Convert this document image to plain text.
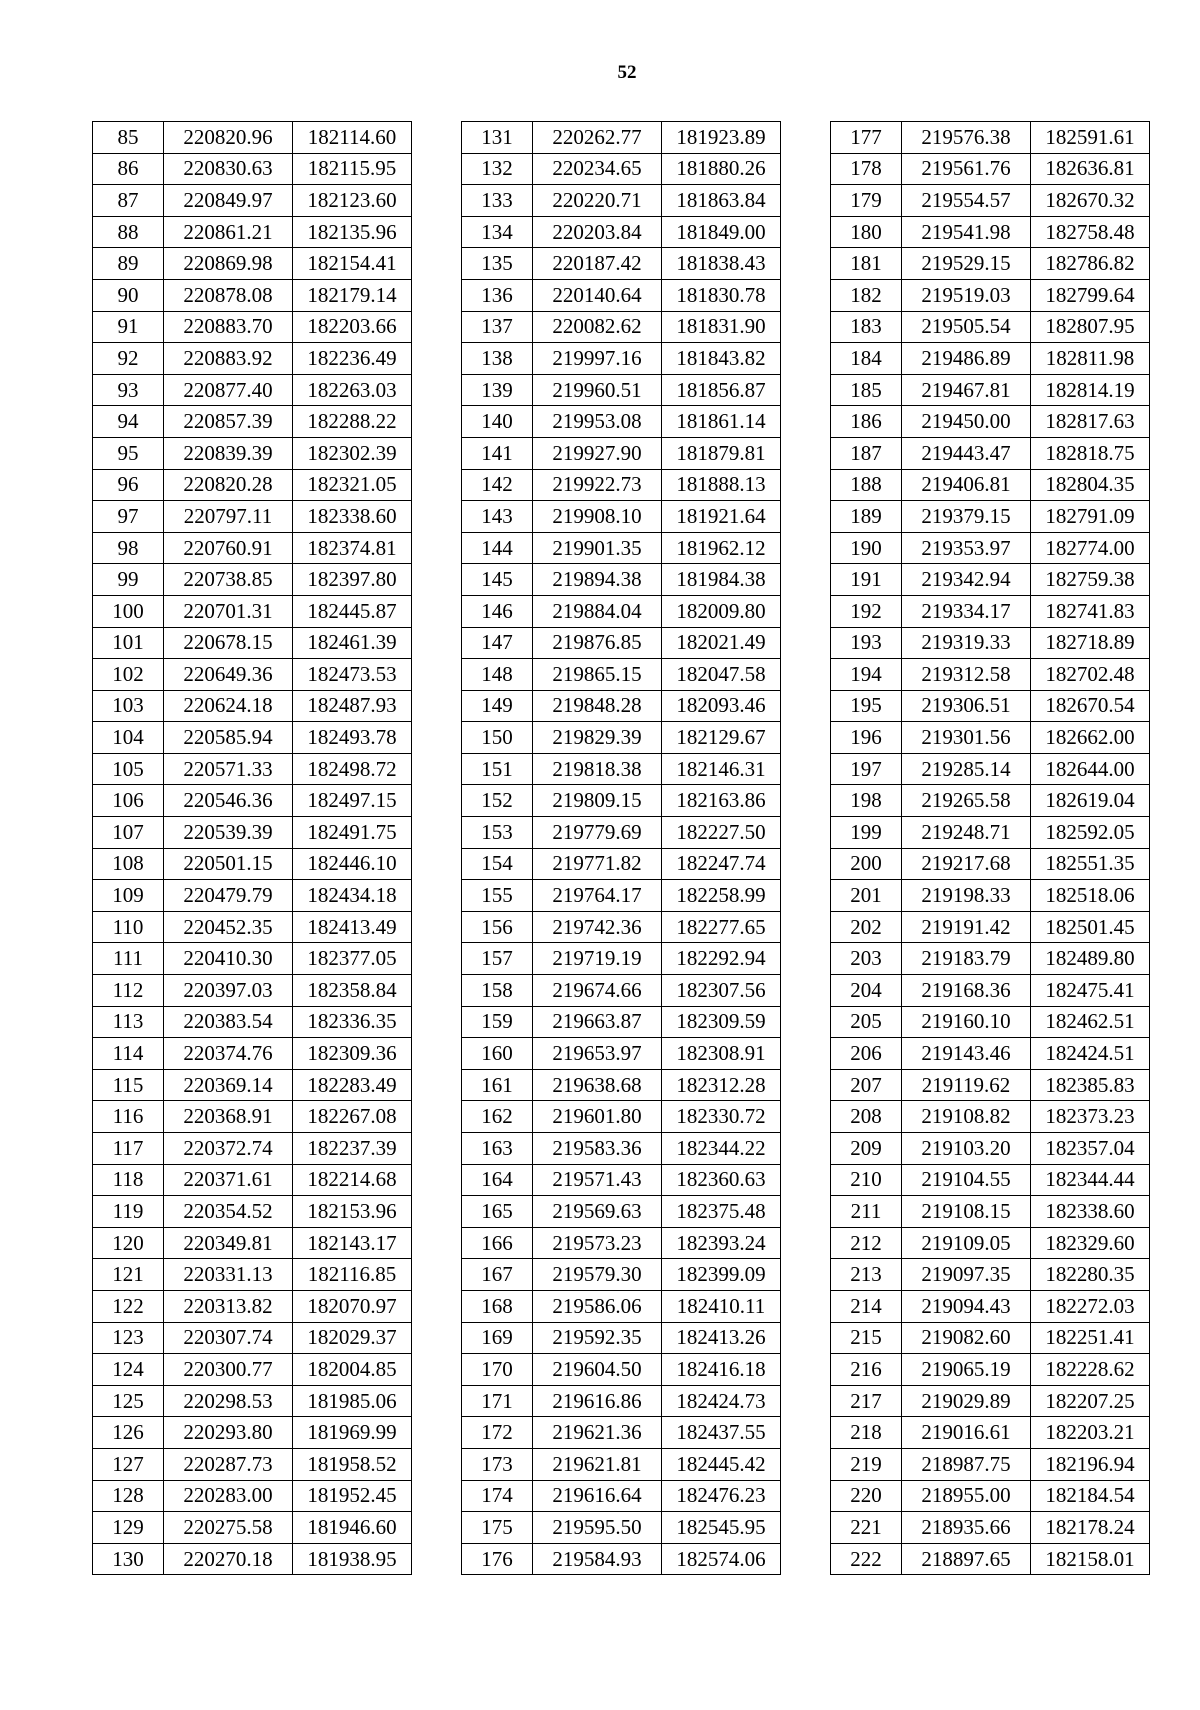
52
85	220820.96	182114.60
86	220830.63	182115.95
87	220849.97	182123.60
88	220861.21	182135.96
89	220869.98	182154.41
90	220878.08	182179.14
91	220883.70	182203.66
92	220883.92	182236.49
93	220877.40	182263.03
94	220857.39	182288.22
95	220839.39	182302.39
96	220820.28	182321.05
97	220797.11	182338.60
98	220760.91	182374.81
99	220738.85	182397.80
100	220701.31	182445.87
101	220678.15	182461.39
102	220649.36	182473.53
103	220624.18	182487.93
104	220585.94	182493.78
105	220571.33	182498.72
106	220546.36	182497.15
107	220539.39	182491.75
108	220501.15	182446.10
109	220479.79	182434.18
110	220452.35	182413.49
111	220410.30	182377.05
112	220397.03	182358.84
113	220383.54	182336.35
114	220374.76	182309.36
115	220369.14	182283.49
116	220368.91	182267.08
117	220372.74	182237.39
118	220371.61	182214.68
119	220354.52	182153.96
120	220349.81	182143.17
121	220331.13	182116.85
122	220313.82	182070.97
123	220307.74	182029.37
124	220300.77	182004.85
125	220298.53	181985.06
126	220293.80	181969.99
127	220287.73	181958.52
128	220283.00	181952.45
129	220275.58	181946.60
130	220270.18	181938.95
131	220262.77	181923.89
132	220234.65	181880.26
133	220220.71	181863.84
134	220203.84	181849.00
135	220187.42	181838.43
136	220140.64	181830.78
137	220082.62	181831.90
138	219997.16	181843.82
139	219960.51	181856.87
140	219953.08	181861.14
141	219927.90	181879.81
142	219922.73	181888.13
143	219908.10	181921.64
144	219901.35	181962.12
145	219894.38	181984.38
146	219884.04	182009.80
147	219876.85	182021.49
148	219865.15	182047.58
149	219848.28	182093.46
150	219829.39	182129.67
151	219818.38	182146.31
152	219809.15	182163.86
153	219779.69	182227.50
154	219771.82	182247.74
155	219764.17	182258.99
156	219742.36	182277.65
157	219719.19	182292.94
158	219674.66	182307.56
159	219663.87	182309.59
160	219653.97	182308.91
161	219638.68	182312.28
162	219601.80	182330.72
163	219583.36	182344.22
164	219571.43	182360.63
165	219569.63	182375.48
166	219573.23	182393.24
167	219579.30	182399.09
168	219586.06	182410.11
169	219592.35	182413.26
170	219604.50	182416.18
171	219616.86	182424.73
172	219621.36	182437.55
173	219621.81	182445.42
174	219616.64	182476.23
175	219595.50	182545.95
176	219584.93	182574.06
177	219576.38	182591.61
178	219561.76	182636.81
179	219554.57	182670.32
180	219541.98	182758.48
181	219529.15	182786.82
182	219519.03	182799.64
183	219505.54	182807.95
184	219486.89	182811.98
185	219467.81	182814.19
186	219450.00	182817.63
187	219443.47	182818.75
188	219406.81	182804.35
189	219379.15	182791.09
190	219353.97	182774.00
191	219342.94	182759.38
192	219334.17	182741.83
193	219319.33	182718.89
194	219312.58	182702.48
195	219306.51	182670.54
196	219301.56	182662.00
197	219285.14	182644.00
198	219265.58	182619.04
199	219248.71	182592.05
200	219217.68	182551.35
201	219198.33	182518.06
202	219191.42	182501.45
203	219183.79	182489.80
204	219168.36	182475.41
205	219160.10	182462.51
206	219143.46	182424.51
207	219119.62	182385.83
208	219108.82	182373.23
209	219103.20	182357.04
210	219104.55	182344.44
211	219108.15	182338.60
212	219109.05	182329.60
213	219097.35	182280.35
214	219094.43	182272.03
215	219082.60	182251.41
216	219065.19	182228.62
217	219029.89	182207.25
218	219016.61	182203.21
219	218987.75	182196.94
220	218955.00	182184.54
221	218935.66	182178.24
222	218897.65	182158.01
